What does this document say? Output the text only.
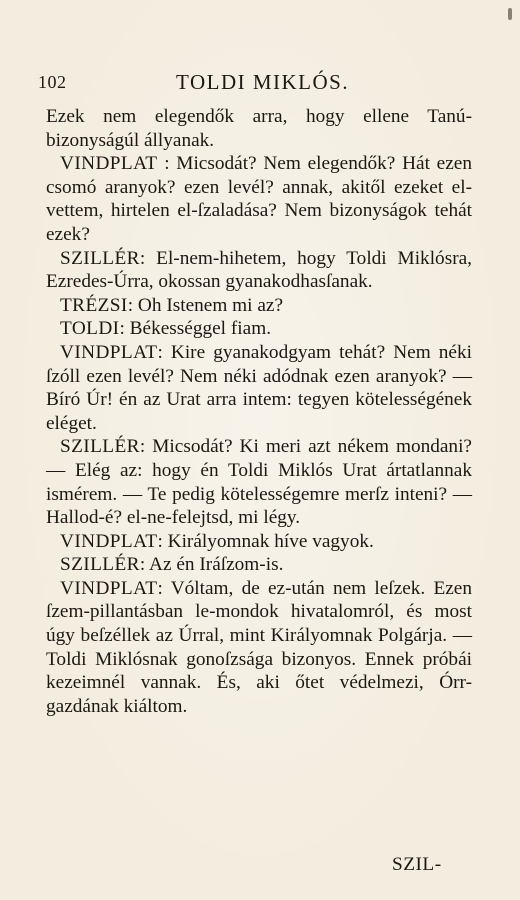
102	TOLDI MIKLÓS.

Ezek nem elegendők arra, hogy ellene Tanú-bizonyságúl állyanak.

VINDPLAT : Micsodát? Nem elegendők? Hát ezen csomó aranyok? ezen levél? annak, akitől ezeket el-vettem, hirtelen el-ſzaladása? Nem bizonyságok tehát ezek?

SZILLÉR: El-nem-hihetem, hogy Toldi Miklósra, Ezredes-Úrra, okossan gyanakodhasſanak.

TRÉZSI: Oh Istenem mi az?

TOLDI: Békességgel fiam.

VINDPLAT: Kire gyanakodgyam tehát? Nem néki ſzóll ezen levél? Nem néki adódnak ezen aranyok? — Bíró Úr! én az Urat arra intem: tegyen kötelességének eléget.

SZILLÉR: Micsodát? Ki meri azt nékem mondani? — Elég az: hogy én Toldi Miklós Urat ártatlannak ismérem. — Te pedig kötelességemre merſz inteni? — Hallod-é? el-ne-felejtsd, mi légy.

VINDPLAT: Királyomnak híve vagyok.

SZILLÉR: Az én Iráſzom-is.

VINDPLAT: Vóltam, de ez-után nem leſzek. Ezen ſzem-pillantásban le-mondok hivatalomról, és most úgy beſzéllek az Úrral, mint Királyomnak Polgárja. — Toldi Miklósnak gonoſzsága bizonyos. Ennek próbái kezeimnél vannak. És, aki őtet védelmezi, Órr-gazdának kiáltom.

SZIL-
